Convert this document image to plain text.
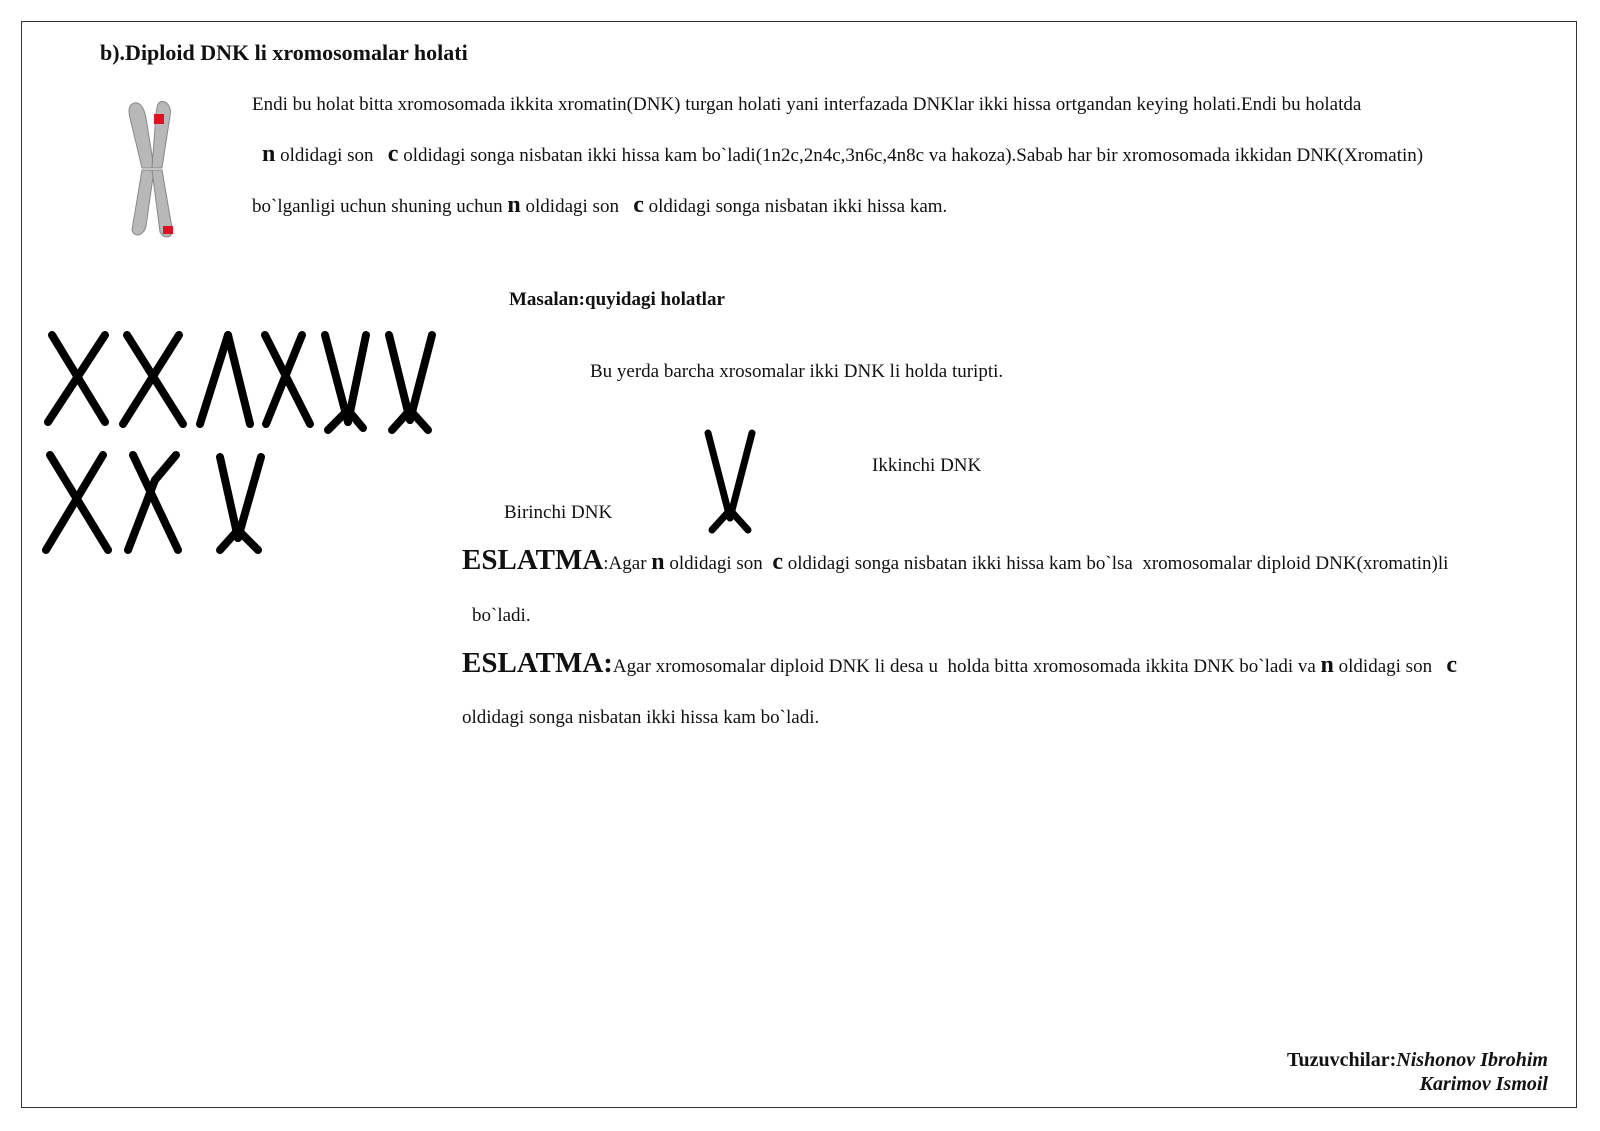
b).Diploid DNK li xromosomalar holati
Endi bu holat bitta xromosomada ikkita xromatin(DNK) turgan holati yani interfazada DNKlar ikki hissa ortgandan keying holati.Endi bu holatda
n oldidagi son   c oldidagi songa nisbatan ikki hissa kam bo`ladi(1n2c,2n4c,3n6c,4n8c va hakoza).Sabab har bir xromosomada ikkidan DNK(Xromatin)
bo`lganligi uchun shuning uchun n oldidagi son   c oldidagi songa nisbatan ikki hissa kam.
Masalan:quyidagi holatlar
Bu yerda barcha xrosomalar ikki DNK li holda turipti.
Ikkinchi DNK
Birinchi DNK
ESLATMA:Agar n oldidagi son  c oldidagi songa nisbatan ikki hissa kam bo`lsa  xromosomalar diploid DNK(xromatin)li
bo`ladi.
ESLATMA:Agar xromosomalar diploid DNK li desa u  holda bitta xromosomada ikkita DNK bo`ladi va n oldidagi son   c
oldidagi songa nisbatan ikki hissa kam bo`ladi.
Tuzuvchilar:Nishonov Ibrohim
Karimov Ismoil
